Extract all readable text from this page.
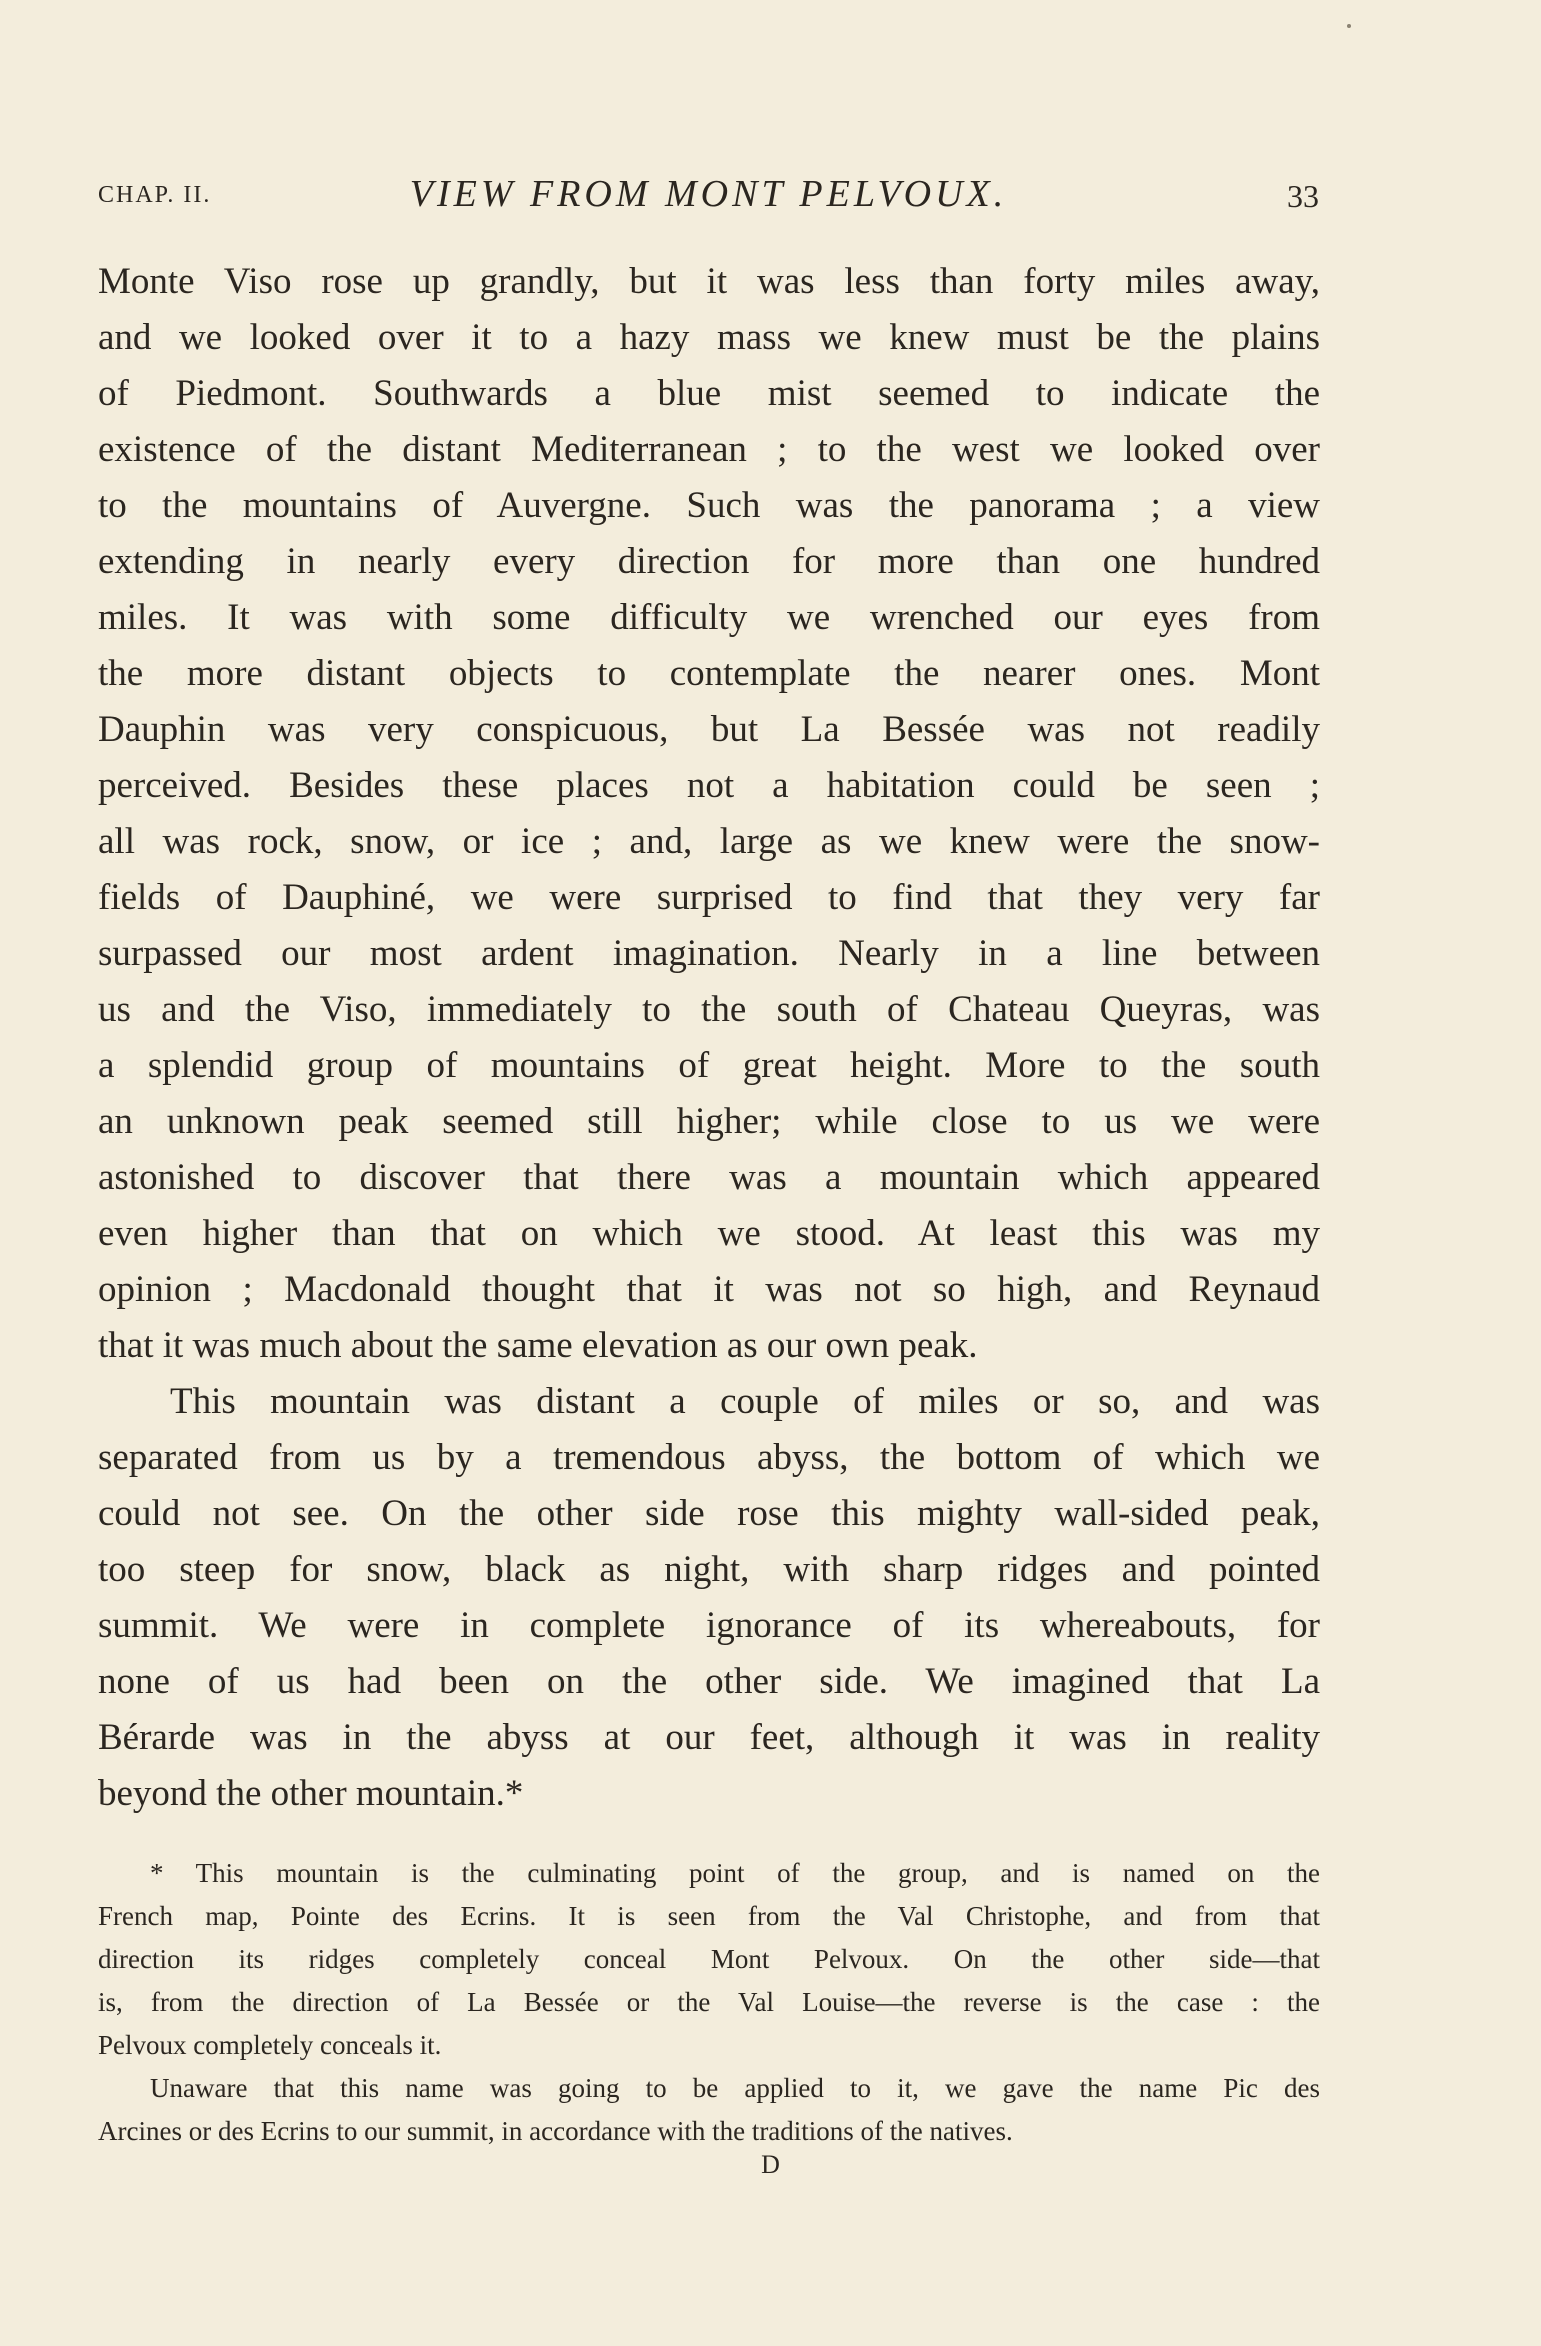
CHAP. II.	VIEW FROM MONT PELVOUX.	33
Monte Viso rose up grandly, but it was less than forty miles away,
and we looked over it to a hazy mass we knew must be the plains
of Piedmont. Southwards a blue mist seemed to indicate the
existence of the distant Mediterranean ; to the west we looked over
to the mountains of Auvergne. Such was the panorama ; a view
extending in nearly every direction for more than one hundred
miles. It was with some difficulty we wrenched our eyes from
the more distant objects to contemplate the nearer ones. Mont
Dauphin was very conspicuous, but La Bessée was not readily
perceived. Besides these places not a habitation could be seen ;
all was rock, snow, or ice ; and, large as we knew were the snow-
fields of Dauphiné, we were surprised to find that they very far
surpassed our most ardent imagination. Nearly in a line between
us and the Viso, immediately to the south of Chateau Queyras, was
a splendid group of mountains of great height. More to the south
an unknown peak seemed still higher; while close to us we were
astonished to discover that there was a mountain which appeared
even higher than that on which we stood. At least this was my
opinion ; Macdonald thought that it was not so high, and Reynaud
that it was much about the same elevation as our own peak.
This mountain was distant a couple of miles or so, and was
separated from us by a tremendous abyss, the bottom of which we
could not see. On the other side rose this mighty wall-sided peak,
too steep for snow, black as night, with sharp ridges and pointed
summit. We were in complete ignorance of its whereabouts, for
none of us had been on the other side. We imagined that La
Bérarde was in the abyss at our feet, although it was in reality
beyond the other mountain.*
* This mountain is the culminating point of the group, and is named on the
French map, Pointe des Ecrins. It is seen from the Val Christophe, and from that
direction its ridges completely conceal Mont Pelvoux. On the other side—that
is, from the direction of La Bessée or the Val Louise—the reverse is the case : the
Pelvoux completely conceals it.
Unaware that this name was going to be applied to it, we gave the name Pic des
Arcines or des Ecrins to our summit, in accordance with the traditions of the natives.
D
